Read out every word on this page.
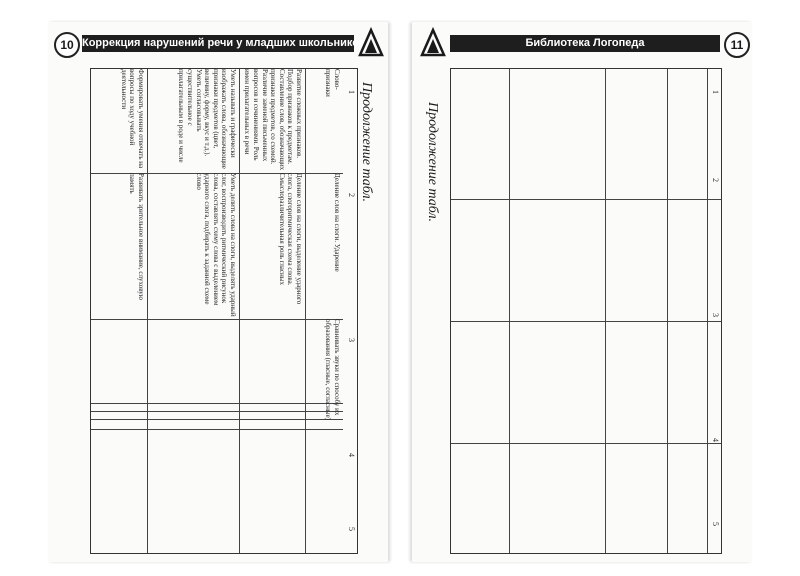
10 Коррекция нарушений речи у младших школьников
Продолжение табл.
1
2
3
4
5
Слово-признаки
Развитие сложных признаков. Подбор признаков к предметам. Составление слов, обозначающих признаки предметов, со схемой. Различие заменой письменных вопросов и сочинениями. Роль имен прилагательных в речи
Уметь называть и графически изображать слова, обозначающие признаки предметов (цвет, величину, форму, вкус и т.д.). Уметь согласовывать существительное с прилагательным в роде и числе
Формировать умения отвечать на вопросы по ходу учебной деятельности
Деление слов на слоги. Ударение
Деление слов на слоги, выделение ударного слога, слогоритмическая схема слова. Смыслоразличительная роль гласных
Уметь делить слова на слоги, выделять ударный слог, воспроизводить ритмический рисунок слова, составлять схему слова с выделением ударного слога, подбирать к заданной схеме слово
Развивать зрительное внимание, слуховую память
Сравнивать звуки по способу их образования (гласные, согласные)
Библиотека Логопеда	11
Продолжение табл.
1
2
3
4
5
